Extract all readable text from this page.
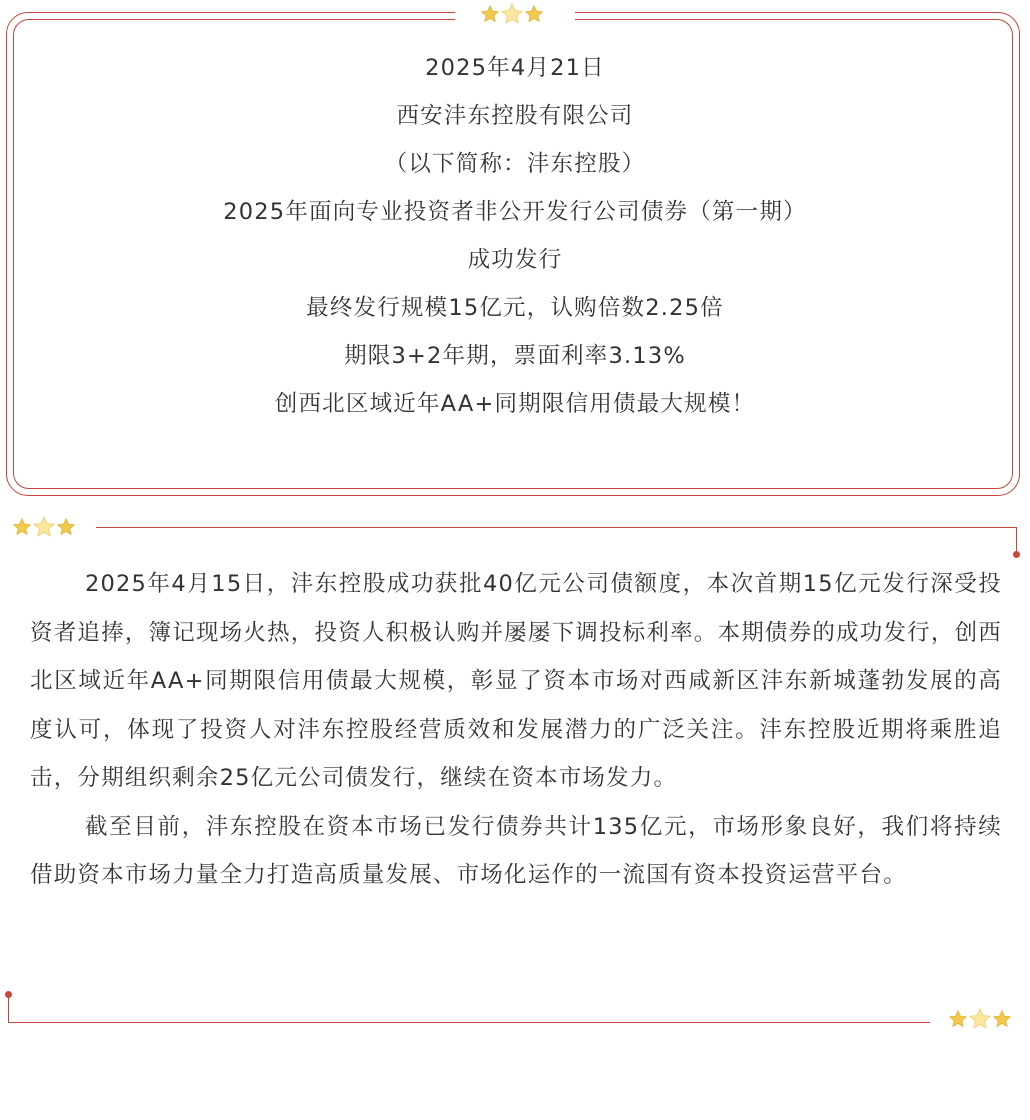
2025年4月21日
西安沣东控股有限公司
（以下简称：沣东控股）
2025年面向专业投资者非公开发行公司债券（第一期）
成功发行
最终发行规模15亿元，认购倍数2.25倍
期限3+2年期，票面利率3.13%
创西北区域近年AA+同期限信用债最大规模！

2025年4月15日，沣东控股成功获批40亿元公司债额度，本次首期15亿元发行深受投资者追捧，簿记现场火热，投资人积极认购并屡屡下调投标利率。本期债券的成功发行，创西北区域近年AA+同期限信用债最大规模，彰显了资本市场对西咸新区沣东新城蓬勃发展的高度认可，体现了投资人对沣东控股经营质效和发展潜力的广泛关注。沣东控股近期将乘胜追击，分期组织剩余25亿元公司债发行，继续在资本市场发力。

截至目前，沣东控股在资本市场已发行债券共计135亿元，市场形象良好，我们将持续借助资本市场力量全力打造高质量发展、市场化运作的一流国有资本投资运营平台。
